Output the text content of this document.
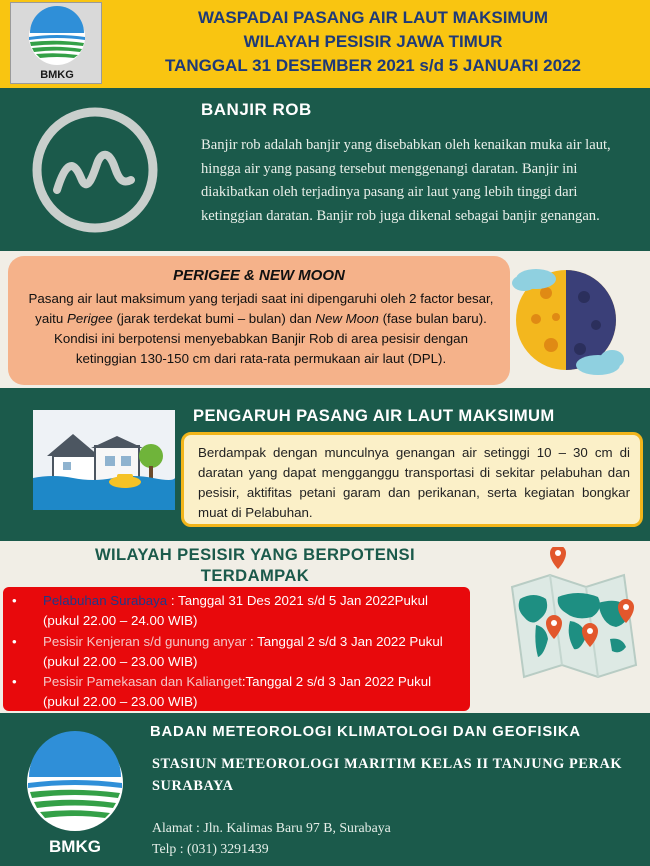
BMKG
WASPADAI PASANG AIR LAUT MAKSIMUM
WILAYAH PESISIR JAWA TIMUR
TANGGAL 31 DESEMBER 2021 s/d 5 JANUARI 2022
BANJIR ROB
Banjir rob adalah banjir yang disebabkan oleh kenaikan muka air laut, hingga air yang pasang tersebut menggenangi daratan. Banjir ini diakibatkan oleh terjadinya pasang air laut yang lebih tinggi dari ketinggian daratan. Banjir rob juga dikenal sebagai banjir genangan.
PERIGEE & NEW MOON
Pasang air laut maksimum yang terjadi saat ini dipengaruhi oleh 2 factor besar, yaitu Perigee (jarak terdekat bumi – bulan) dan New Moon (fase bulan baru). Kondisi ini berpotensi menyebabkan Banjir Rob di area pesisir dengan ketinggian 130-150 cm dari rata-rata permukaan air laut (DPL).
PENGARUH PASANG AIR LAUT MAKSIMUM
Berdampak dengan munculnya genangan air setinggi 10 – 30 cm di daratan yang dapat mengganggu transportasi di sekitar pelabuhan dan pesisir, aktifitas petani garam dan perikanan, serta kegiatan bongkar muat di Pelabuhan.
WILAYAH PESISIR YANG BERPOTENSI TERDAMPAK
• Pelabuhan Surabaya : Tanggal 31 Des 2021 s/d 5 Jan 2022Pukul (pukul 22.00 – 24.00 WIB)
• Pesisir Kenjeran s/d gunung anyar : Tanggal 2 s/d 3 Jan 2022 Pukul (pukul 22.00 – 23.00 WIB)
• Pesisir Pamekasan dan Kalianget:Tanggal 2 s/d 3 Jan 2022 Pukul (pukul 22.00 – 23.00 WIB)
BMKG
BADAN METEOROLOGI KLIMATOLOGI DAN GEOFISIKA
STASIUN METEOROLOGI MARITIM KELAS II TANJUNG PERAK SURABAYA
Alamat : Jln. Kalimas Baru 97 B, Surabaya
Telp : (031) 3291439
